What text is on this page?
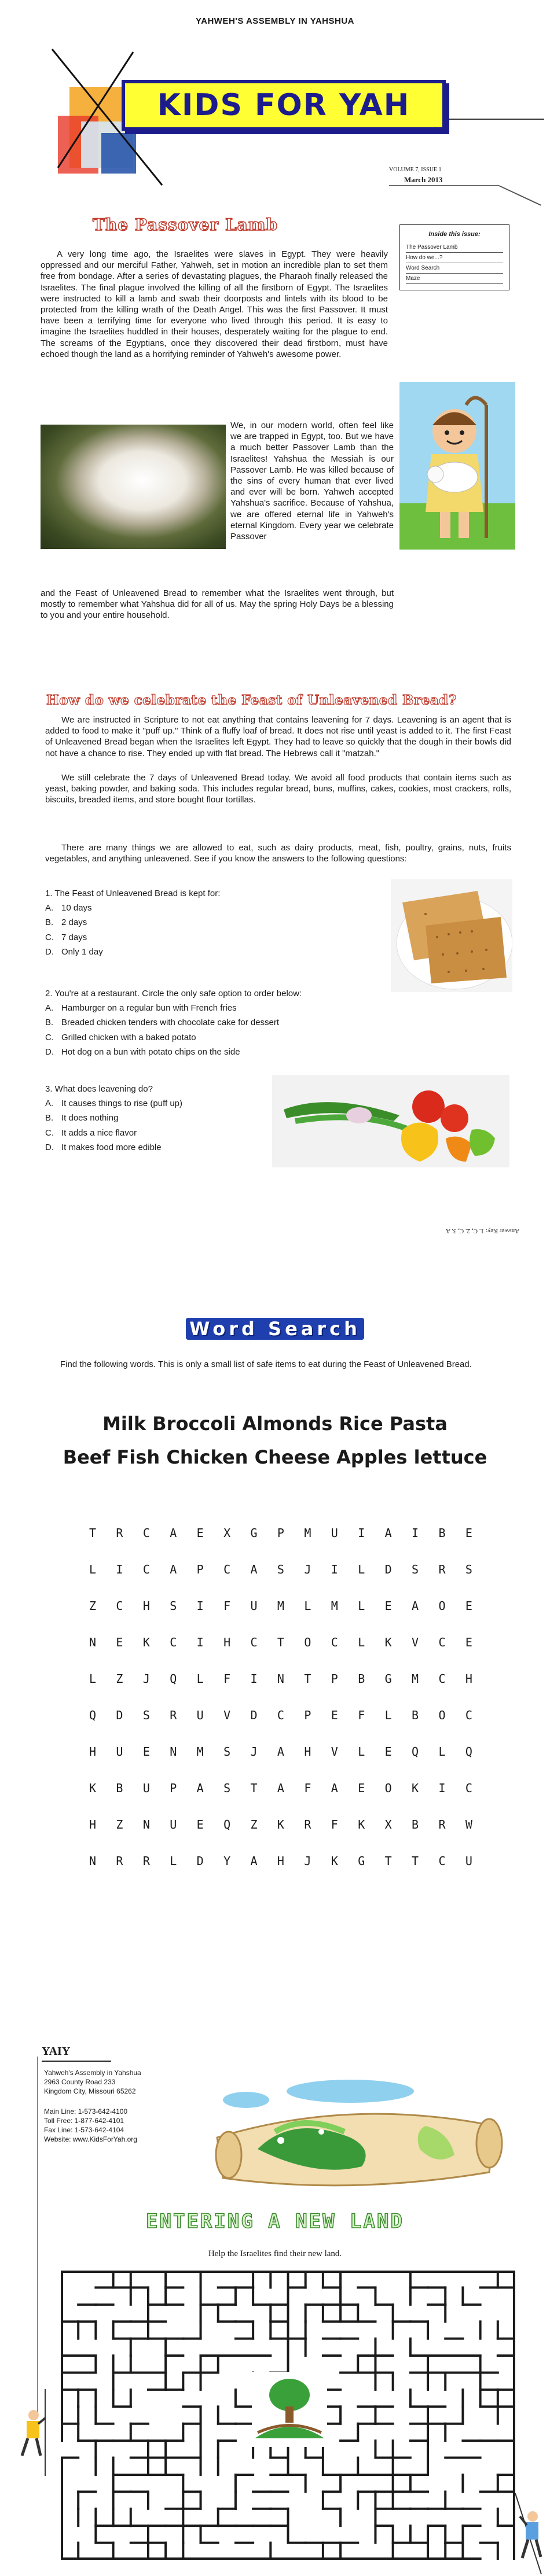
YAHWEH'S ASSEMBLY IN YAHSHUA
KIDS FOR YAH
VOLUME 7, ISSUE 1
March 2013
The Passover Lamb	Inside this issue:
The Passover Lamb
How do we...?
Word Search
Maze

A very long time ago, the Israelites were slaves in Egypt. They were heavily oppressed and our merciful Father, Yahweh, set in motion an incredible plan to set them free from bondage. After a series of devastating plagues, the Pharaoh finally released the Israelites. The final plague involved the killing of all the firstborn of Egypt. The Israelites were instructed to kill a lamb and swab their doorposts and lintels with its blood to be protected from the killing wrath of the Death Angel. This was the first Passover. It must have been a terrifying time for everyone who lived through this period. It is easy to imagine the Israelites huddled in their houses, desperately waiting for the plague to end. The screams of the Egyptians, once they discovered their dead firstborn, must have echoed though the land as a horrifying reminder of Yahweh's awesome power.

We, in our modern world, often feel like we are trapped in Egypt, too. But we have a much better Passover Lamb than the Israelites! Yahshua the Messiah is our Passover Lamb. He was killed because of the sins of every human that ever lived and ever will be born. Yahweh accepted Yahshua's sacrifice. Because of Yahshua, we are offered eternal life in Yahweh's eternal Kingdom. Every year we celebrate Passover

and the Feast of Unleavened Bread to remember what the Israelites went through, but mostly to remember what Yahshua did for all of us. May the spring Holy Days be a blessing to you and your entire household.

How do we celebrate the Feast of Unleavened Bread?

We are instructed in Scripture to not eat anything that contains leavening for 7 days. Leavening is an agent that is added to food to make it "puff up." Think of a fluffy loaf of bread. It does not rise until yeast is added to it. The first Feast of Unleavened Bread began when the Israelites left Egypt. They had to leave so quickly that the dough in their bowls did not have a chance to rise. They ended up with flat bread. The Hebrews call it "matzah."

We still celebrate the 7 days of Unleavened Bread today. We avoid all food products that contain items such as yeast, baking powder, and baking soda. This includes regular bread, buns, muffins, cakes, cookies, most crackers, rolls, biscuits, breaded items, and store bought flour tortillas.

There are many things we are allowed to eat, such as dairy products, meat, fish, poultry, grains, nuts, fruits vegetables, and anything unleavened. See if you know the answers to the following questions:

1. The Feast of Unleavened Bread is kept for:
A. 10 days
B. 2 days
C. 7 days
D. Only 1 day
2. You're at a restaurant. Circle the only safe option to order below:
A. Hamburger on a regular bun with French fries
B. Breaded chicken tenders with chocolate cake for dessert
C. Grilled chicken with a baked potato
D. Hot dog on a bun with potato chips on the side
3. What does leavening do?
A. It causes things to rise (puff up)
B. It does nothing
C. It adds a nice flavor
D. It makes food more edible
Answer Key: 1. C, 2. C, 3. A
Word Search

Find the following words. This is only a small list of safe items to eat during the Feast of Unleavened Bread.

Milk Broccoli Almonds Rice Pasta
Beef Fish Chicken Cheese Apples lettuce
T	R	C	A	E	X	G	P	M	U	I	A	I	B	E
L	I	C	A	P	C	A	S	J	I	L	D	S	R	S
Z	C	H	S	I	F	U	M	L	M	L	E	A	O	E
N	E	K	C	I	H	C	T	O	C	L	K	V	C	E
L	Z	J	Q	L	F	I	N	T	P	B	G	M	C	H
Q	D	S	R	U	V	D	C	P	E	F	L	B	O	C
H	U	E	N	M	S	J	A	H	V	L	E	Q	L	Q
K	B	U	P	A	S	T	A	F	A	E	O	K	I	C
H	Z	N	U	E	Q	Z	K	R	F	K	X	B	R	W
N	R	R	L	D	Y	A	H	J	K	G	T	T	C	U
YAIY
Yahweh's Assembly in Yahshua
2963 County Road 233
Kingdom City, Missouri 65262
Main Line: 1-573-642-4100
Toll Free: 1-877-642-4101
Fax Line: 1-573-642-4104
Website: www.KidsForYah.org
ENTERING A NEW LAND
Help the Israelites find their new land.
